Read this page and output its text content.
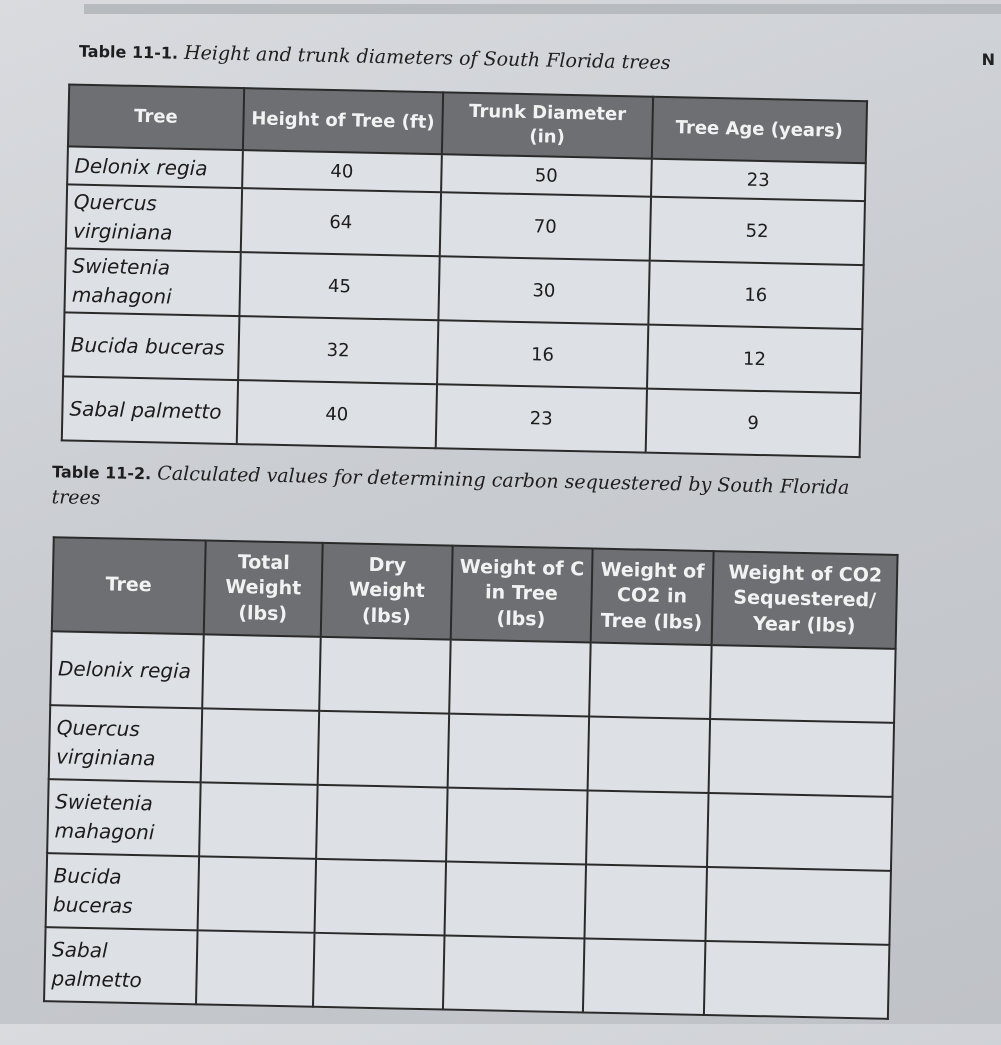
N
Table 11-1. Height and trunk diameters of South Florida trees
Tree	Height of Tree (ft)	Trunk Diameter (in)	Tree Age (years)
Delonix regia	40	50	23
Quercus virginiana	64	70	52
Swietenia mahagoni	45	30	16
Bucida buceras	32	16	12
Sabal palmetto	40	23	9
Table 11-2. Calculated values for determining carbon sequestered by South Florida trees
Tree	Total Weight (lbs)	Dry Weight (lbs)	Weight of C in Tree (lbs)	Weight of CO2 in Tree (lbs)	Weight of CO2 Sequestered/ Year (lbs)
Delonix regia					
Quercus virginiana					
Swietenia mahagoni					
Bucida buceras					
Sabal palmetto					
